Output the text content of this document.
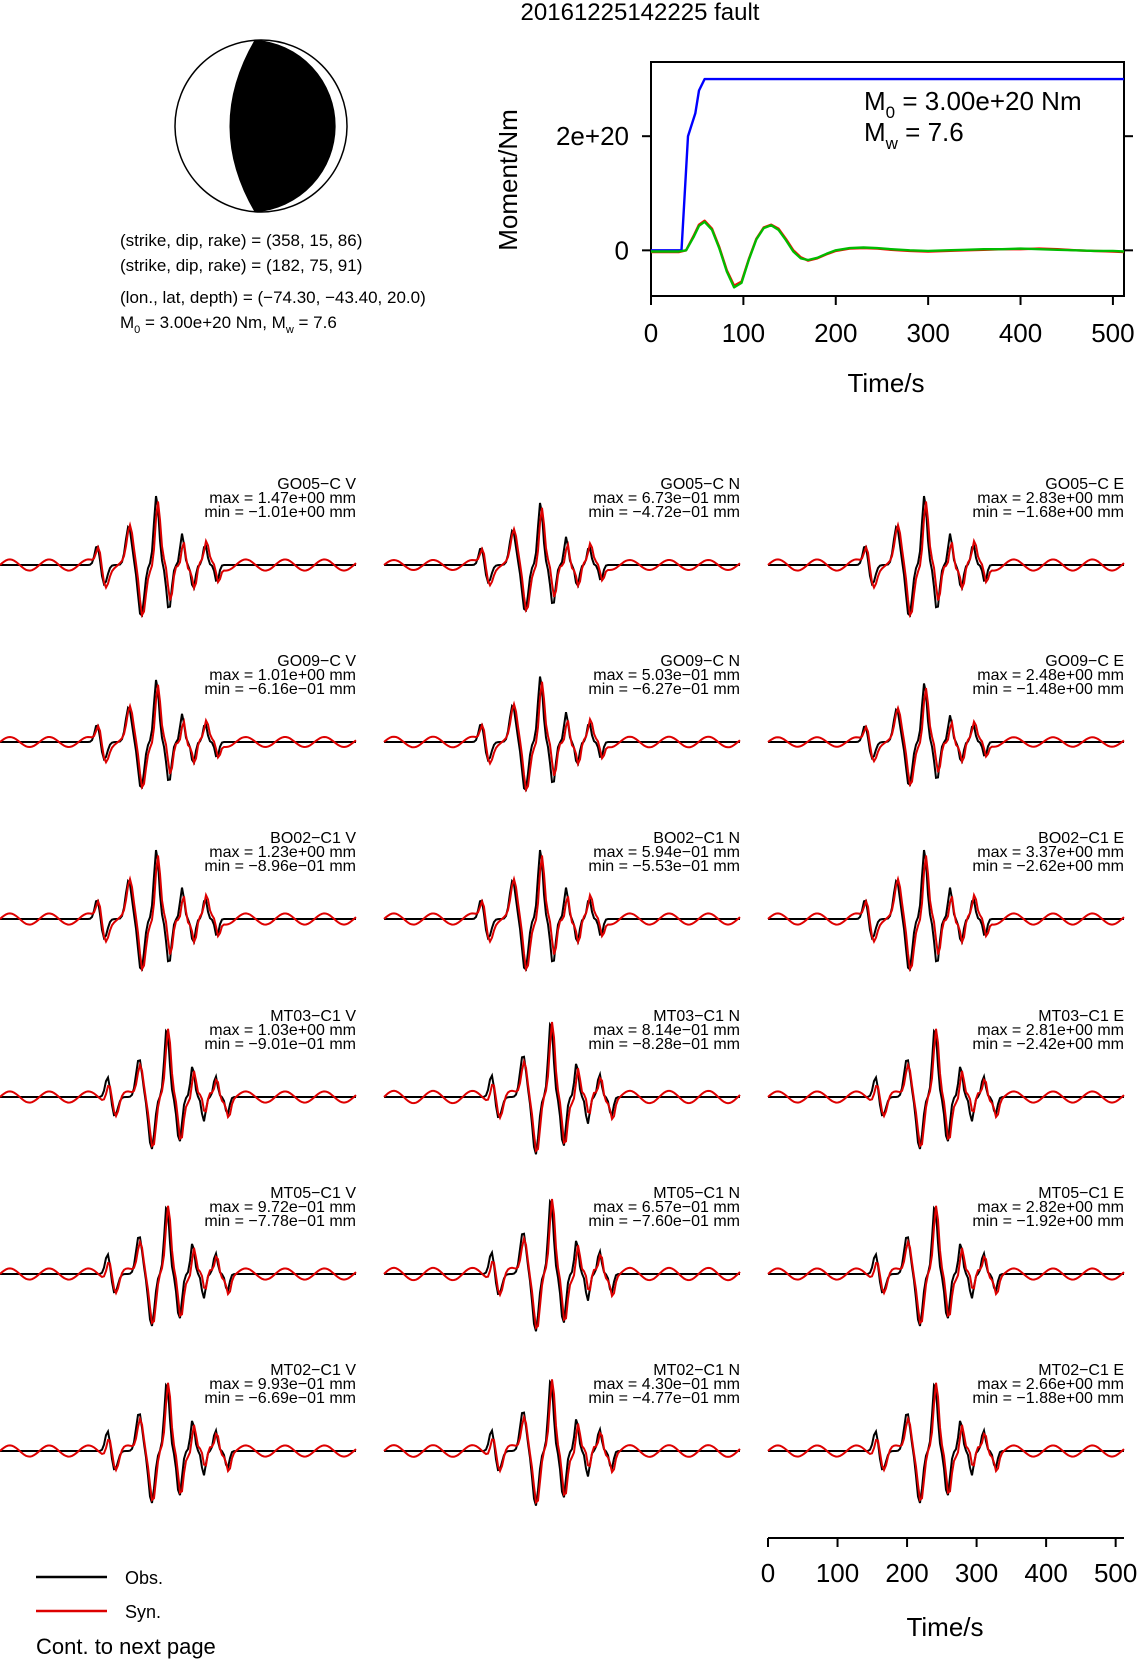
20161225142225 fault
(strike, dip, rake) = (358, 15, 86)
(strike, dip, rake) = (182, 75, 91)
(lon., lat, depth) = (−74.30, −43.40, 20.0)
$M_0 = 3.00e+20$ Nm, $M_w = 7.6$	0 100 200 300 400 500
0
2e+20
$M_0 = 3.00e+20$ Nm
$M_w = 7.6$
Time/s
Moment/Nm
GO05−C V
max = 1.47e+00 mm
min = −1.01e+00 mm
GO05−C N
max = 6.73e−01 mm
min = −4.72e−01 mm
GO05−C E
max = 2.83e+00 mm
min = −1.68e+00 mm
GO09−C V
max = 1.01e+00 mm
min = −6.16e−01 mm
GO09−C N
max = 5.03e−01 mm
min = −6.27e−01 mm
GO09−C E
max = 2.48e+00 mm
min = −1.48e+00 mm
BO02−C1 V
max = 1.23e+00 mm
min = −8.96e−01 mm
BO02−C1 N
max = 5.94e−01 mm
min = −5.53e−01 mm
BO02−C1 E
max = 3.37e+00 mm
min = −2.62e+00 mm
MT03−C1 V
max = 1.03e+00 mm
min = −9.01e−01 mm
MT03−C1 N
max = 8.14e−01 mm
min = −8.28e−01 mm
MT03−C1 E
max = 2.81e+00 mm
min = −2.42e+00 mm
MT05−C1 V
max = 9.72e−01 mm
min = −7.78e−01 mm
MT05−C1 N
max = 6.57e−01 mm
min = −7.60e−01 mm
MT05−C1 E
max = 2.82e+00 mm
min = −1.92e+00 mm
MT02−C1 V
max = 9.93e−01 mm
min = −6.69e−01 mm
MT02−C1 N
max = 4.30e−01 mm
min = −4.77e−01 mm
MT02−C1 E
max = 2.66e+00 mm
min = −1.88e+00 mm
Time/s
0 100 200 300 400 500
Obs.
Syn.
Cont. to next page
